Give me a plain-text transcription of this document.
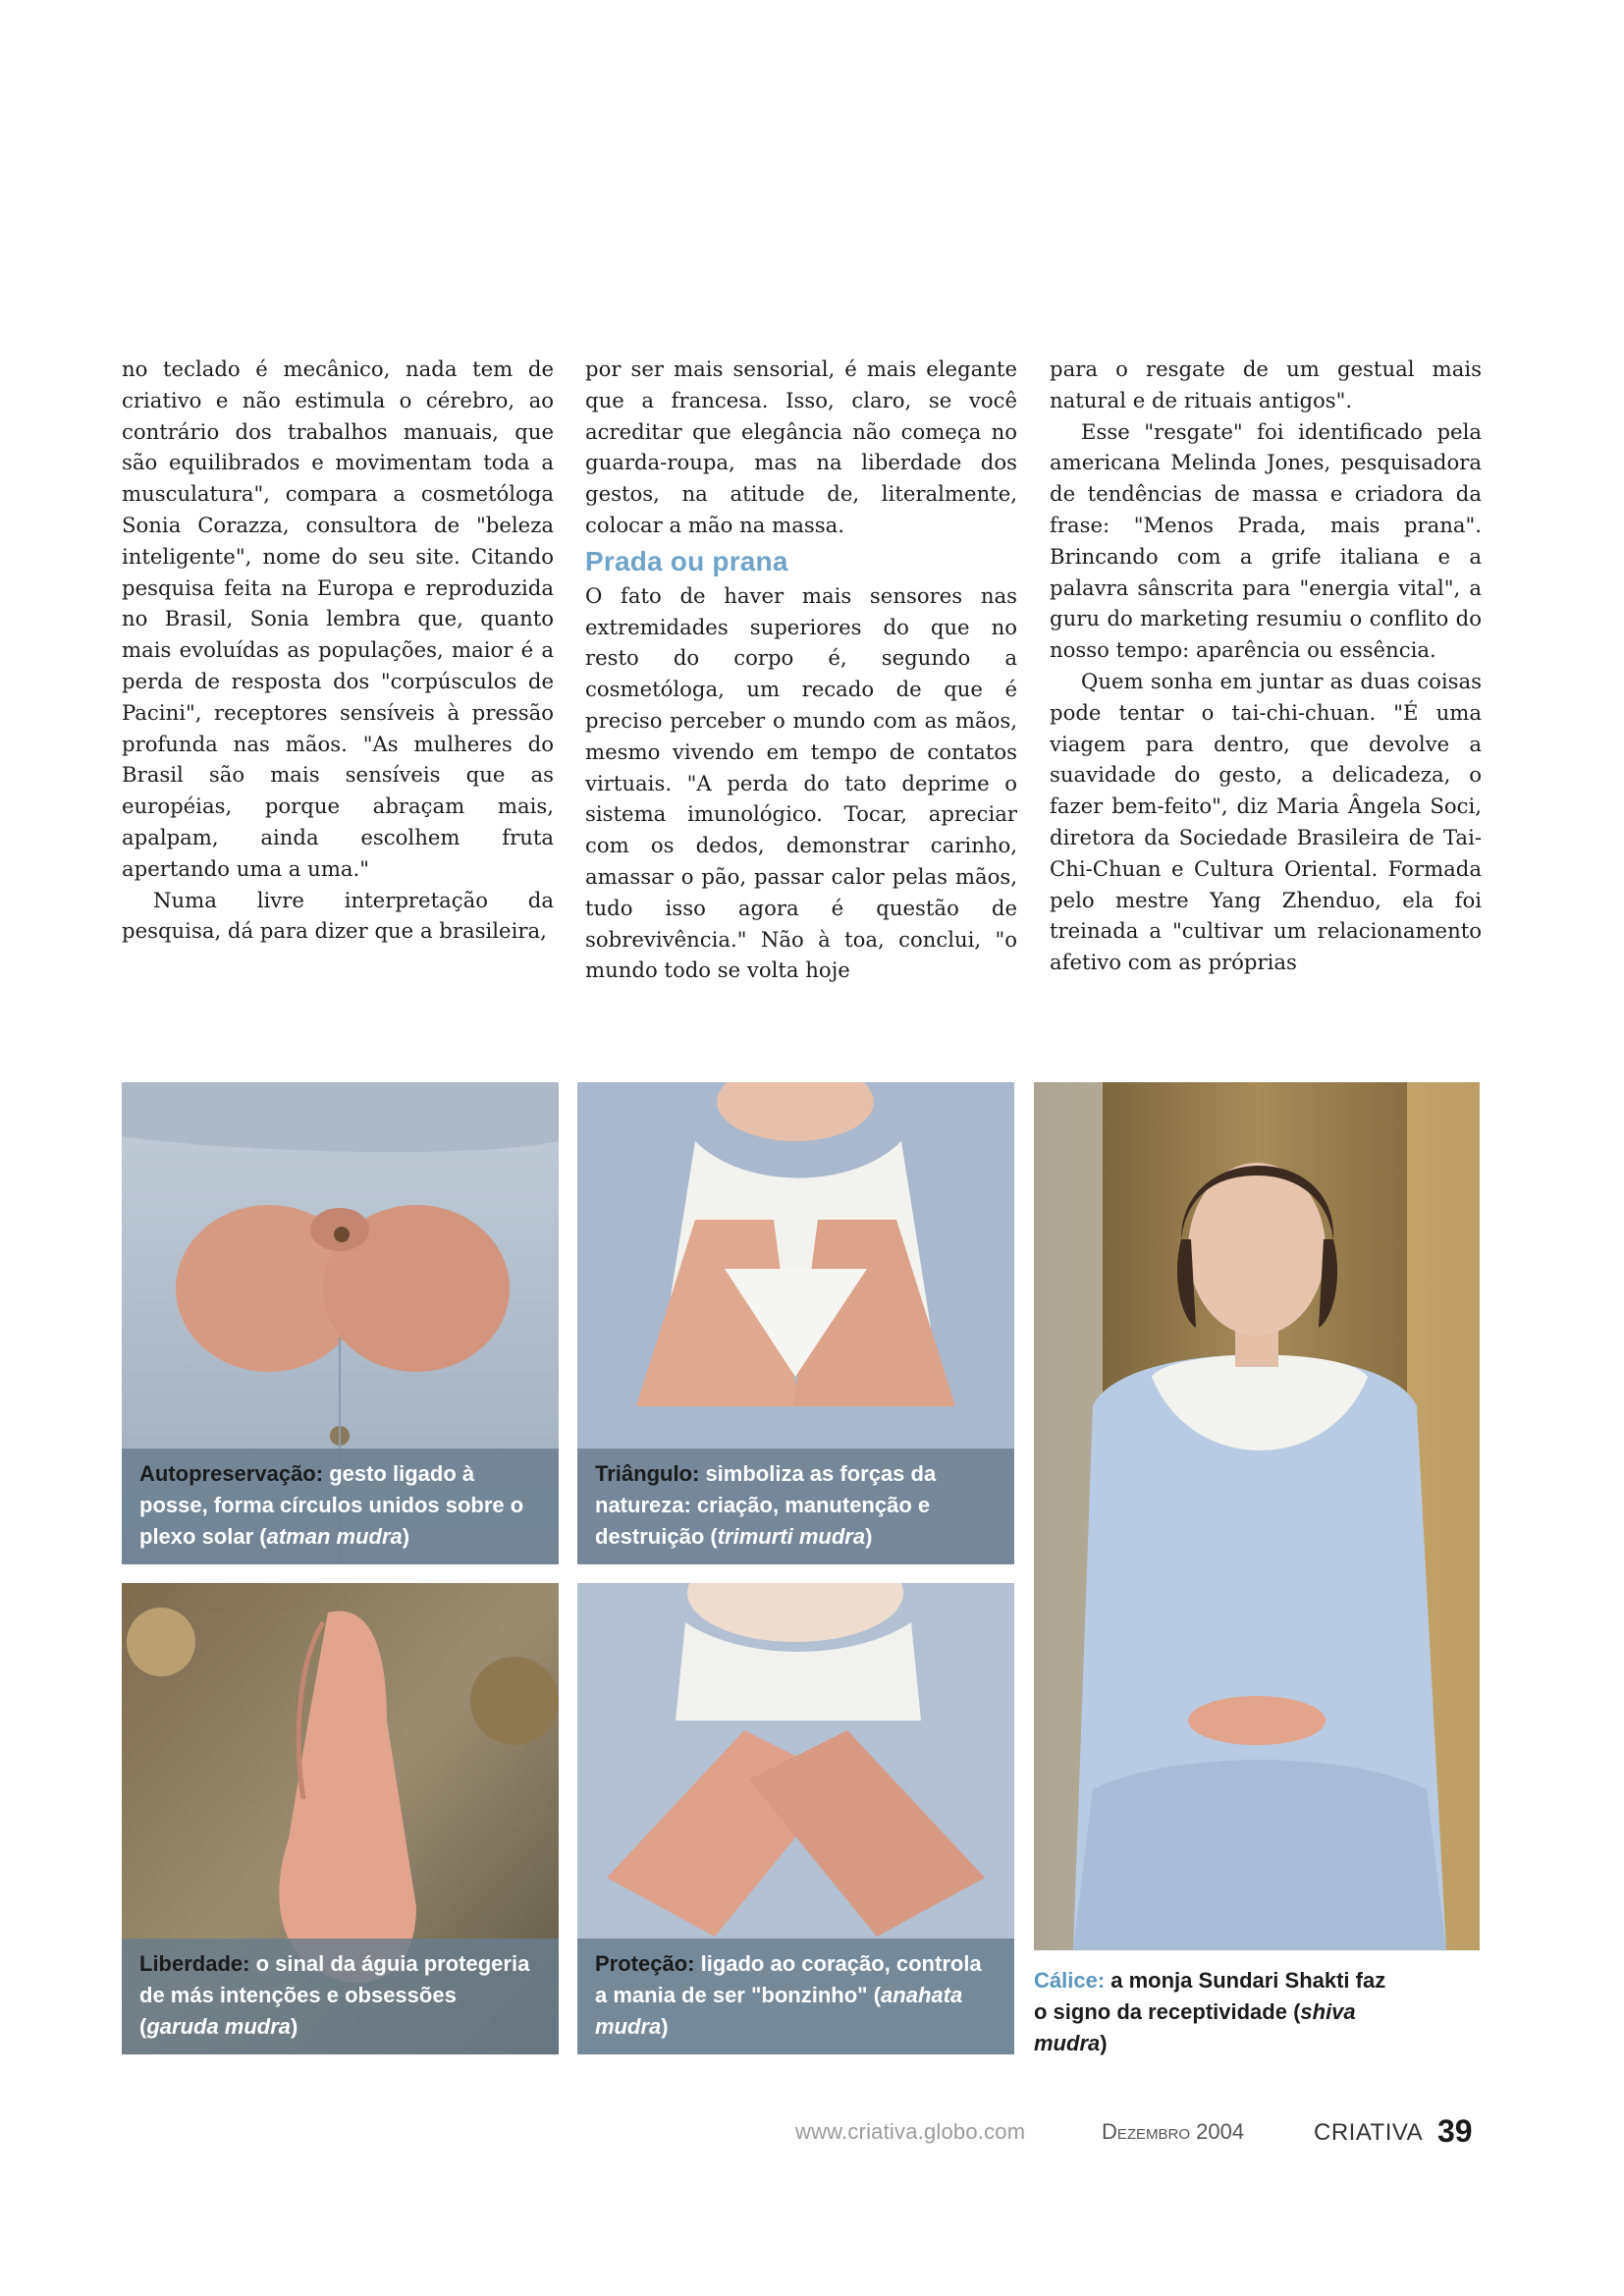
no teclado é mecânico, nada tem de criativo e não estimula o cérebro, ao contrário dos trabalhos manuais, que são equilibrados e movimentam toda a musculatura", compara a cosmetóloga Sonia Corazza, consultora de "beleza inteligente", nome do seu site. Citando pesquisa feita na Europa e reproduzida no Brasil, Sonia lembra que, quanto mais evoluídas as populações, maior é a perda de resposta dos "corpúsculos de Pacini", receptores sensíveis à pressão profunda nas mãos. "As mulheres do Brasil são mais sensíveis que as européias, porque abraçam mais, apalpam, ainda escolhem fruta apertando uma a uma."

Numa livre interpretação da pesquisa, dá para dizer que a brasileira,

por ser mais sensorial, é mais elegante que a francesa. Isso, claro, se você acreditar que elegância não começa no guarda-roupa, mas na liberdade dos gestos, na atitude de, literalmente, colocar a mão na massa.

Prada ou prana

O fato de haver mais sensores nas extremidades superiores do que no resto do corpo é, segundo a cosmetóloga, um recado de que é preciso perceber o mundo com as mãos, mesmo vivendo em tempo de contatos virtuais. "A perda do tato deprime o sistema imunológico. Tocar, apreciar com os dedos, demonstrar carinho, amassar o pão, passar calor pelas mãos, tudo isso agora é questão de sobrevivência." Não à toa, conclui, "o mundo todo se volta hoje

para o resgate de um gestual mais natural e de rituais antigos".

Esse "resgate" foi identificado pela americana Melinda Jones, pesquisadora de tendências de massa e criadora da frase: "Menos Prada, mais prana". Brincando com a grife italiana e a palavra sânscrita para "energia vital", a guru do marketing resumiu o conflito do nosso tempo: aparência ou essência.

Quem sonha em juntar as duas coisas pode tentar o tai-chi-chuan. "É uma viagem para dentro, que devolve a suavidade do gesto, a delicadeza, o fazer bem-feito", diz Maria Ângela Soci, diretora da Sociedade Brasileira de Tai-Chi-Chuan e Cultura Oriental. Formada pelo mestre Yang Zhenduo, ela foi treinada a "cultivar um relacionamento afetivo com as próprias

Autopreservação: gesto ligado à posse, forma círculos unidos sobre o plexo solar (atman mudra)
Triângulo: simboliza as forças da natureza: criação, manutenção e destruição (trimurti mudra)
Liberdade: o sinal da águia protegeria de más intenções e obsessões (garuda mudra)
Proteção: ligado ao coração, controla a mania de ser "bonzinho" (anahata mudra)
Cálice: a monja Sundari Shakti faz o signo da receptividade (shiva mudra)
www.criativa.globo.com	Dezembro 2004	CRIATIVA 39
